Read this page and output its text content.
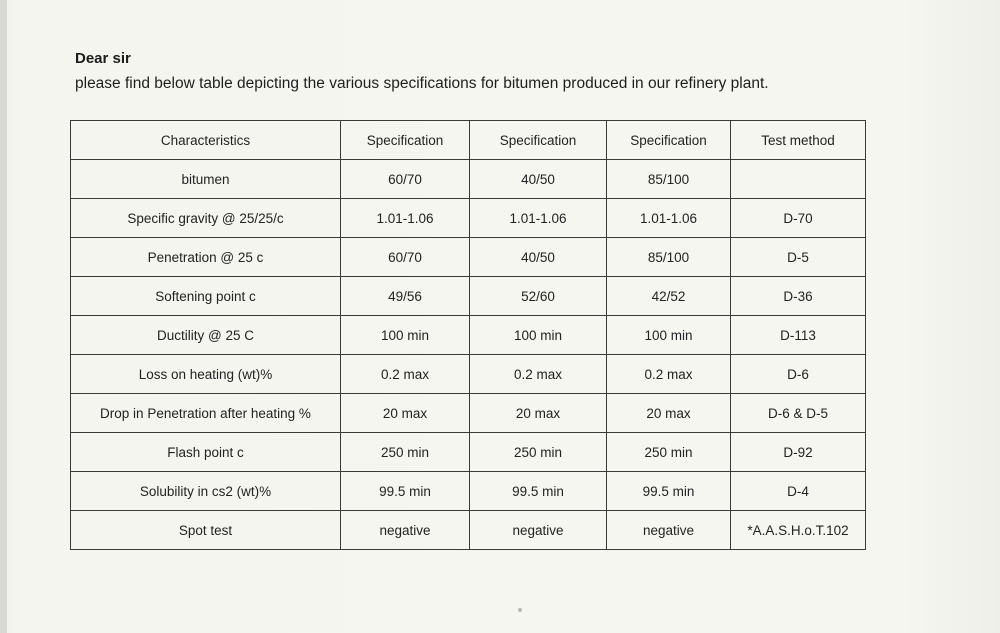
Dear sir
please find below table depicting the various specifications for bitumen produced in our refinery plant.
Characteristics	Specification	Specification	Specification	Test method
bitumen	60/70	40/50	85/100	
Specific gravity @ 25/25/c	1.01-1.06	1.01-1.06	1.01-1.06	D-70
Penetration @ 25 c	60/70	40/50	85/100	D-5
Softening point c	49/56	52/60	42/52	D-36
Ductility @ 25 C	100 min	100 min	100 min	D-113
Loss on heating (wt)%	0.2 max	0.2 max	0.2 max	D-6
Drop in Penetration after heating %	20 max	20 max	20 max	D-6 & D-5
Flash point c	250 min	250 min	250 min	D-92
Solubility in cs2 (wt)%	99.5 min	99.5 min	99.5 min	D-4
Spot test	negative	negative	negative	*A.A.S.H.o.T.102
